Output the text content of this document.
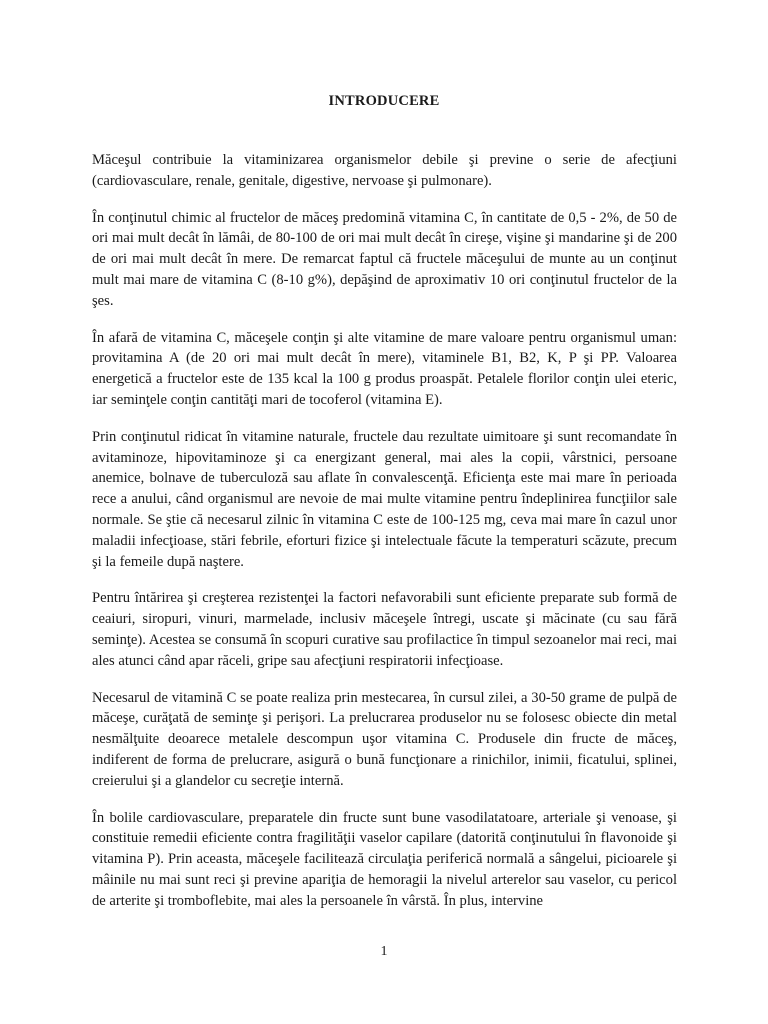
INTRODUCERE

Măceşul contribuie la vitaminizarea organismelor debile şi previne o serie de afecţiuni (cardiovasculare, renale, genitale, digestive, nervoase şi pulmonare).

În conţinutul chimic al fructelor de măceş predomină vitamina C, în cantitate de 0,5 - 2%, de 50 de ori mai mult decât în lămâi, de 80-100 de ori mai mult decât în cireşe, vişine şi mandarine şi de 200 de ori mai mult decât în mere. De remarcat faptul că fructele măceşului de munte au un conţinut mult mai mare de vitamina C (8-10 g%), depăşind de aproximativ 10 ori conţinutul fructelor de la şes.

În afară de vitamina C, măceşele conţin şi alte vitamine de mare valoare pentru organismul uman: provitamina A (de 20 ori mai mult decât în mere), vitaminele B1, B2, K, P şi PP. Valoarea energetică a fructelor este de 135 kcal la 100 g produs proaspăt. Petalele florilor conţin ulei eteric, iar seminţele conţin cantităţi mari de tocoferol (vitamina E).

Prin conţinutul ridicat în vitamine naturale, fructele dau rezultate uimitoare şi sunt recomandate în avitaminoze, hipovitaminoze şi ca energizant general, mai ales la copii, vârstnici, persoane anemice, bolnave de tuberculoză sau aflate în convalescenţă. Eficienţa este mai mare în perioada rece a anului, când organismul are nevoie de mai multe vitamine pentru îndeplinirea funcţiilor sale normale. Se ştie că necesarul zilnic în vitamina C este de 100-125 mg, ceva mai mare în cazul unor maladii infecţioase, stări febrile, eforturi fizice şi intelectuale făcute la temperaturi scăzute, precum şi la femeile după naştere.

Pentru întărirea şi creşterea rezistenţei la factori nefavorabili sunt eficiente preparate sub formă de ceaiuri, siropuri, vinuri, marmelade, inclusiv măceşele întregi, uscate şi măcinate (cu sau fără seminţe). Acestea se consumă în scopuri curative sau profilactice în timpul sezoanelor mai reci, mai ales atunci când apar răceli, gripe sau afecţiuni respiratorii infecţioase.

Necesarul de vitamină C se poate realiza prin mestecarea, în cursul zilei, a 30-50 grame de pulpă de măceşe, curăţată de seminţe şi perişori. La prelucrarea produselor nu se folosesc obiecte din metal nesmălţuite deoarece metalele descompun uşor vitamina C. Produsele din fructe de măceş, indiferent de forma de prelucrare, asigură o bună funcţionare a rinichilor, inimii, ficatului, splinei, creierului şi a glandelor cu secreţie internă.

În bolile cardiovasculare, preparatele din fructe sunt bune vasodilatatoare, arteriale şi venoase, şi constituie remedii eficiente contra fragilităţii vaselor capilare (datorită conţinutului în flavonoide şi vitamina P). Prin aceasta, măceşele facilitează circulaţia periferică normală a sângelui, picioarele şi mâinile nu mai sunt reci şi previne apariţia de hemoragii la nivelul arterelor sau vaselor, cu pericol de arterite şi tromboflebite, mai ales la persoanele în vârstă. În plus, intervine

1
